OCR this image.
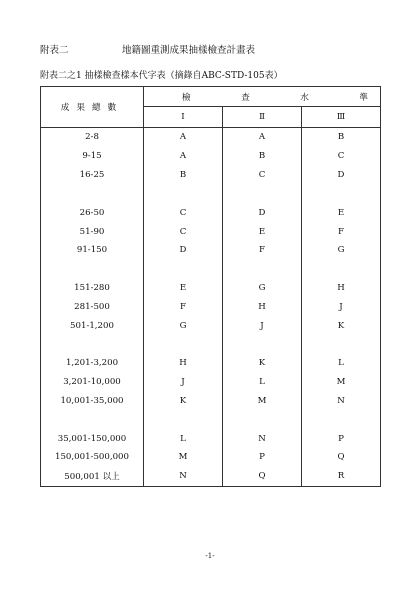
附表二	地籍圖重測成果抽樣檢查計畫表
附表二之1 抽樣檢查樣本代字表（摘錄自ABC-STD-105表）
成果總數	檢 查 水 準		

	Ⅰ	Ⅱ	Ⅲ
2-8	A	A	B
9-15	A	B	C
16-25	B	C	D

26-50	C	D	E
51-90	C	E	F
91-150	D	F	G

151-280	E	G	H
281-500	F	H	J
501-1,200	G	J	K

1,201-3,200	H	K	L
3,201-10,000	J	L	M
10,001-35,000	K	M	N

35,001-150,000	L	N	P
150,001-500,000	M	P	Q
500,001 以上	N	Q	R
-1-
